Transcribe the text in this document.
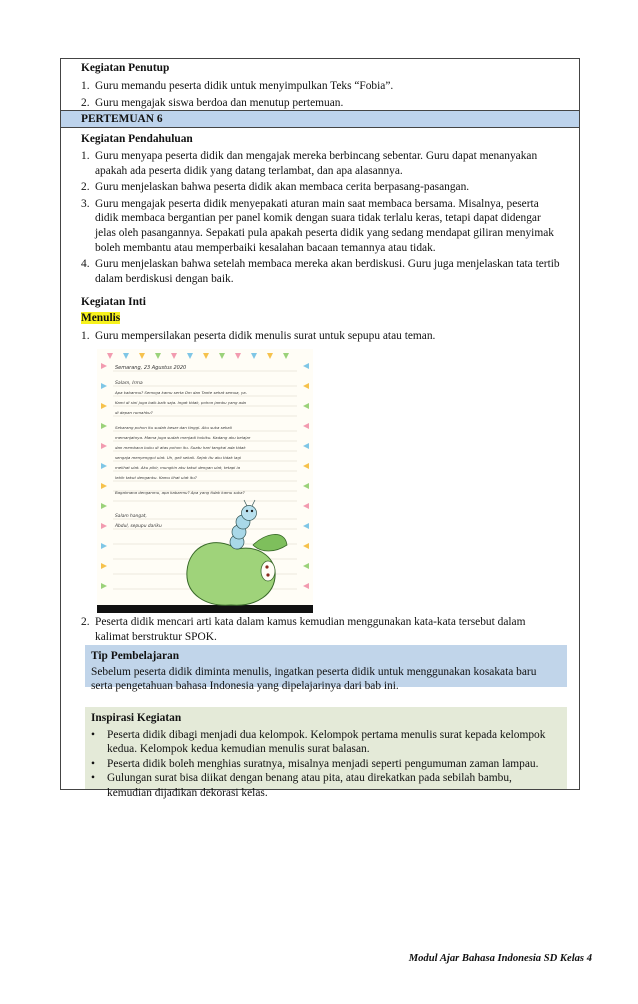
Kegiatan Penutup
1. Guru memandu peserta didik untuk menyimpulkan Teks “Fobia”.
2. Guru mengajak siswa berdoa dan menutup pertemuan.
PERTEMUAN 6
Kegiatan Pendahuluan
1. Guru menyapa peserta didik dan mengajak mereka berbincang sebentar. Guru dapat menanyakan
apakah ada peserta didik yang datang terlambat, dan apa alasannya.
2. Guru menjelaskan bahwa peserta didik akan membaca cerita berpasang-pasangan.
3. Guru mengajak peserta didik menyepakati aturan main saat membaca bersama. Misalnya, peserta
didik membaca bergantian per panel komik dengan suara tidak terlalu keras, tetapi dapat didengar
jelas oleh pasangannya. Sepakati pula apakah peserta didik yang sedang mendapat giliran menyimak
boleh membantu atau memperbaiki kesalahan bacaan temannya atau tidak.
4. Guru menjelaskan bahwa setelah membaca mereka akan berdiskusi. Guru juga menjelaskan tata tertib
dalam berdiskusi dengan baik.
Kegiatan Inti
Menulis
1. Guru mempersilakan peserta didik menulis surat untuk sepupu atau teman.
Semarang, 23 Agustus 2020
Salam, Irma
Apa kabarmu? Semoga kamu serta Om dan Tante sehat semua, ya.
Kami di sini juga baik-baik saja. Ingat tidak, pohon jambu yang ada
di depan rumahku?
Sekarang pohon itu sudah besar dan tinggi. Aku suka sekali
memanjatnya. Mama juga sudah menjadi hobiku. Kadang aku belajar
dan membaca buku di atas pohon itu. Suatu hari tangkai ada tidak
sengaja menyenggol ulat. Uh, geli sekali. Sejak itu aku tidak lagi
melihat ulat. Aku pikir, mungkin aku takut dengan ulat, tetapi ia
lebih takut denganku. Kamu lihat ulat itu?
Bagaimana denganmu, apa kabarmu? Apa yang tidak kamu suka?
Salam hangat,
Abdul, sepupu dariku
2. Peserta didik mencari arti kata dalam kamus kemudian menggunakan kata-kata tersebut dalam
kalimat berstruktur SPOK.
Tip Pembelajaran
Sebelum peserta didik diminta menulis, ingatkan peserta didik untuk menggunakan kosakata baru
serta pengetahuan bahasa Indonesia yang dipelajarinya dari bab ini.
Inspirasi Kegiatan
• Peserta didik dibagi menjadi dua kelompok. Kelompok pertama menulis surat kepada kelompok
kedua. Kelompok kedua kemudian menulis surat balasan.
• Peserta didik boleh menghias suratnya, misalnya menjadi seperti pengumuman zaman lampau.
• Gulungan surat bisa diikat dengan benang atau pita, atau direkatkan pada sebilah bambu,
kemudian dijadikan dekorasi kelas.
Modul Ajar Bahasa Indonesia SD Kelas 4
